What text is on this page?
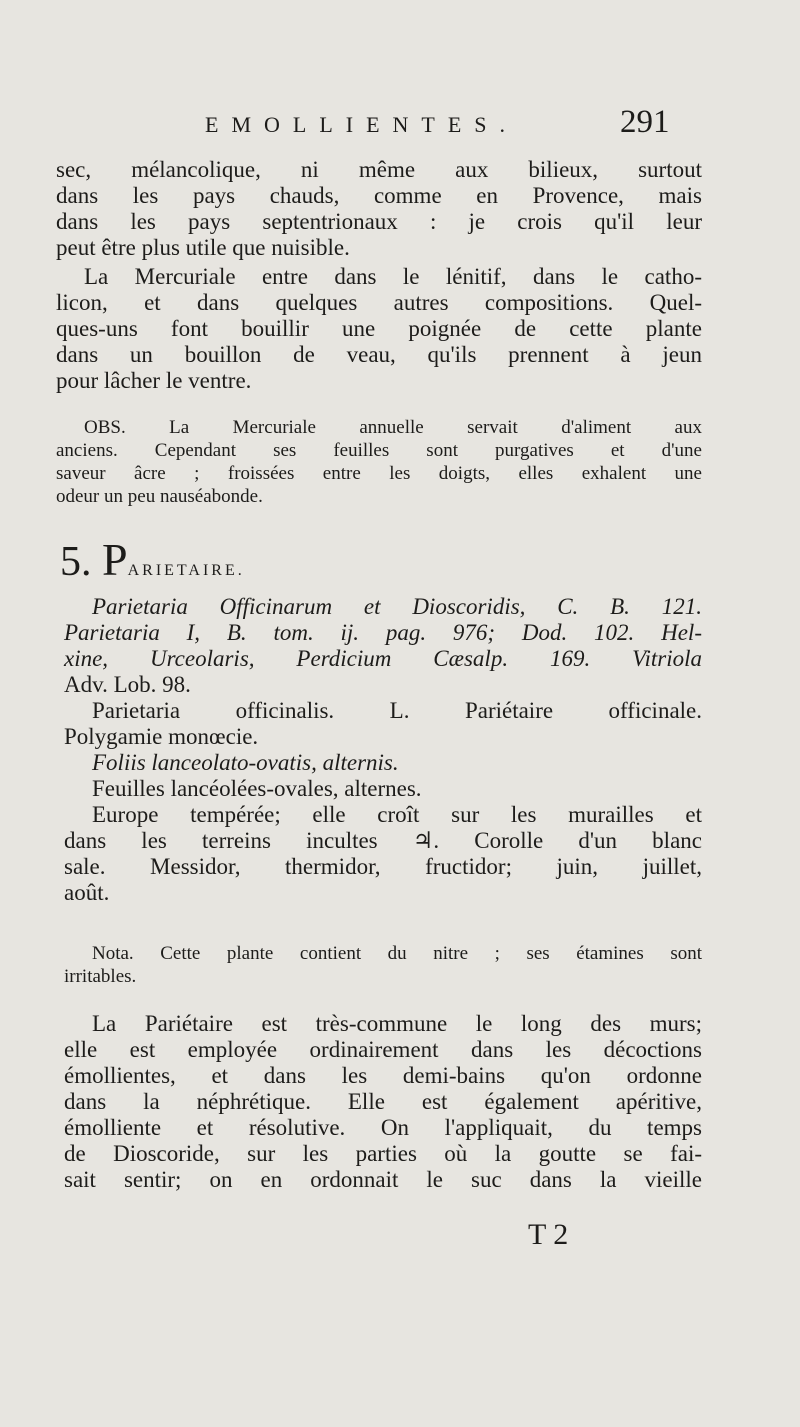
EMOLLIENTES.	291
sec, mélancolique, ni même aux bilieux, surtout
dans les pays chauds, comme en Provence, mais
dans les pays septentrionaux : je crois qu'il leur
peut être plus utile que nuisible.
La Mercuriale entre dans le lénitif, dans le catho-
licon, et dans quelques autres compositions. Quel-
ques-uns font bouillir une poignée de cette plante
dans un bouillon de veau, qu'ils prennent à jeun
pour lâcher le ventre.
OBS. La Mercuriale annuelle servait d'aliment aux
anciens. Cependant ses feuilles sont purgatives et d'une
saveur âcre ; froissées entre les doigts, elles exhalent une
odeur un peu nauséabonde.
5. PARIETAIRE.
Parietaria Officinarum et Dioscoridis, C. B. 121.
Parietaria I, B. tom. ij. pag. 976; Dod. 102. Hel-
xine, Urceolaris, Perdicium Cæsalp. 169. Vitriola
Adv. Lob. 98.
Parietaria officinalis. L. Pariétaire officinale.
Polygamie monœcie.
Foliis lanceolato-ovatis, alternis.
Feuilles lancéolées-ovales, alternes.
Europe tempérée; elle croît sur les murailles et
dans les terreins incultes ♃. Corolle d'un blanc
sale. Messidor, thermidor, fructidor; juin, juillet,
août.
Nota. Cette plante contient du nitre ; ses étamines sont
irritables.
La Pariétaire est très-commune le long des murs;
elle est employée ordinairement dans les décoctions
émollientes, et dans les demi-bains qu'on ordonne
dans la néphrétique. Elle est également apéritive,
émolliente et résolutive. On l'appliquait, du temps
de Dioscoride, sur les parties où la goutte se fai-
sait sentir; on en ordonnait le suc dans la vieille
T 2
